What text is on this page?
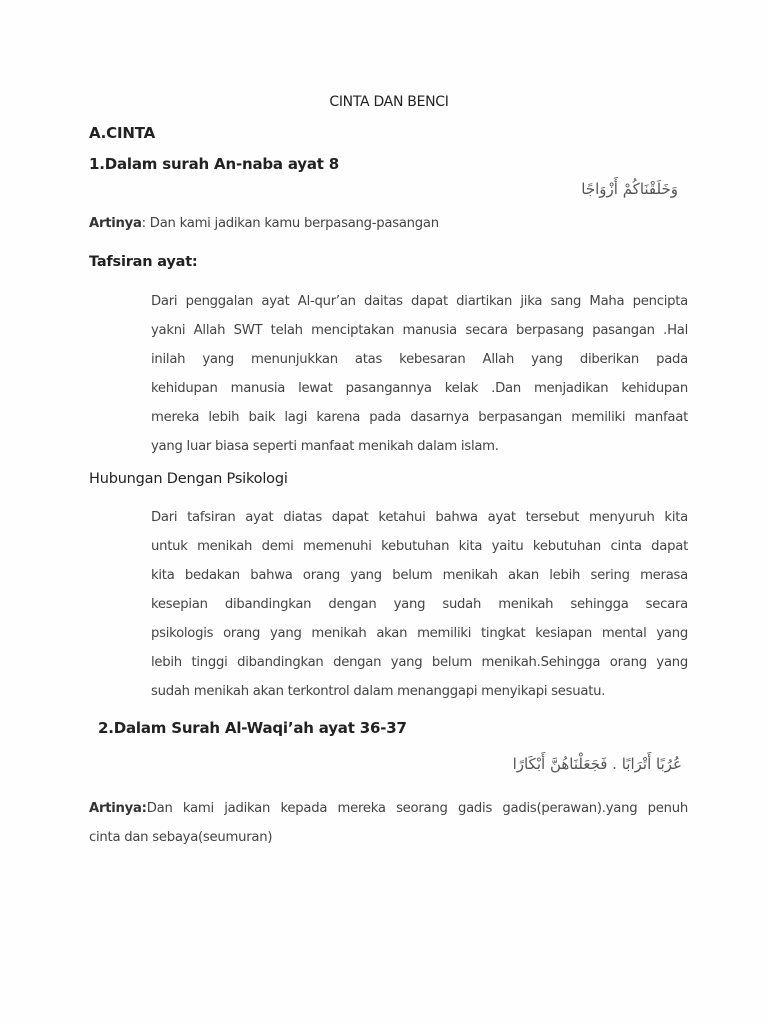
CINTA DAN BENCI
A.CINTA
1.Dalam surah An-naba ayat 8
وَخَلَقْنَاكُمْ أَزْوَاجًا
Artinya: Dan kami jadikan kamu berpasang-pasangan
Tafsiran ayat:
Dari penggalan ayat Al-qur’an daitas dapat diartikan jika sang Maha pencipta
yakni Allah SWT telah menciptakan manusia secara berpasang pasangan .Hal
inilah yang menunjukkan atas kebesaran Allah yang diberikan pada
kehidupan manusia lewat pasangannya kelak .Dan menjadikan kehidupan
mereka lebih baik lagi karena pada dasarnya berpasangan memiliki manfaat
yang luar biasa seperti manfaat menikah dalam islam.
Hubungan Dengan Psikologi
Dari tafsiran ayat diatas dapat ketahui bahwa ayat tersebut menyuruh kita
untuk menikah demi memenuhi kebutuhan kita yaitu kebutuhan cinta dapat
kita bedakan bahwa orang yang belum menikah akan lebih sering merasa
kesepian dibandingkan dengan yang sudah menikah sehingga secara
psikologis orang yang menikah akan memiliki tingkat kesiapan mental yang
lebih tinggi dibandingkan dengan yang belum menikah.Sehingga orang yang
sudah menikah akan terkontrol dalam menanggapi menyikapi sesuatu.
2.Dalam Surah Al-Waqi’ah ayat 36-37
عُرُبًا أَتْرَابًا . فَجَعَلْنَاهُنَّ أَبْكَارًا
Artinya:Dan kami jadikan kepada mereka seorang gadis gadis(perawan).yang penuh
cinta dan sebaya(seumuran)
